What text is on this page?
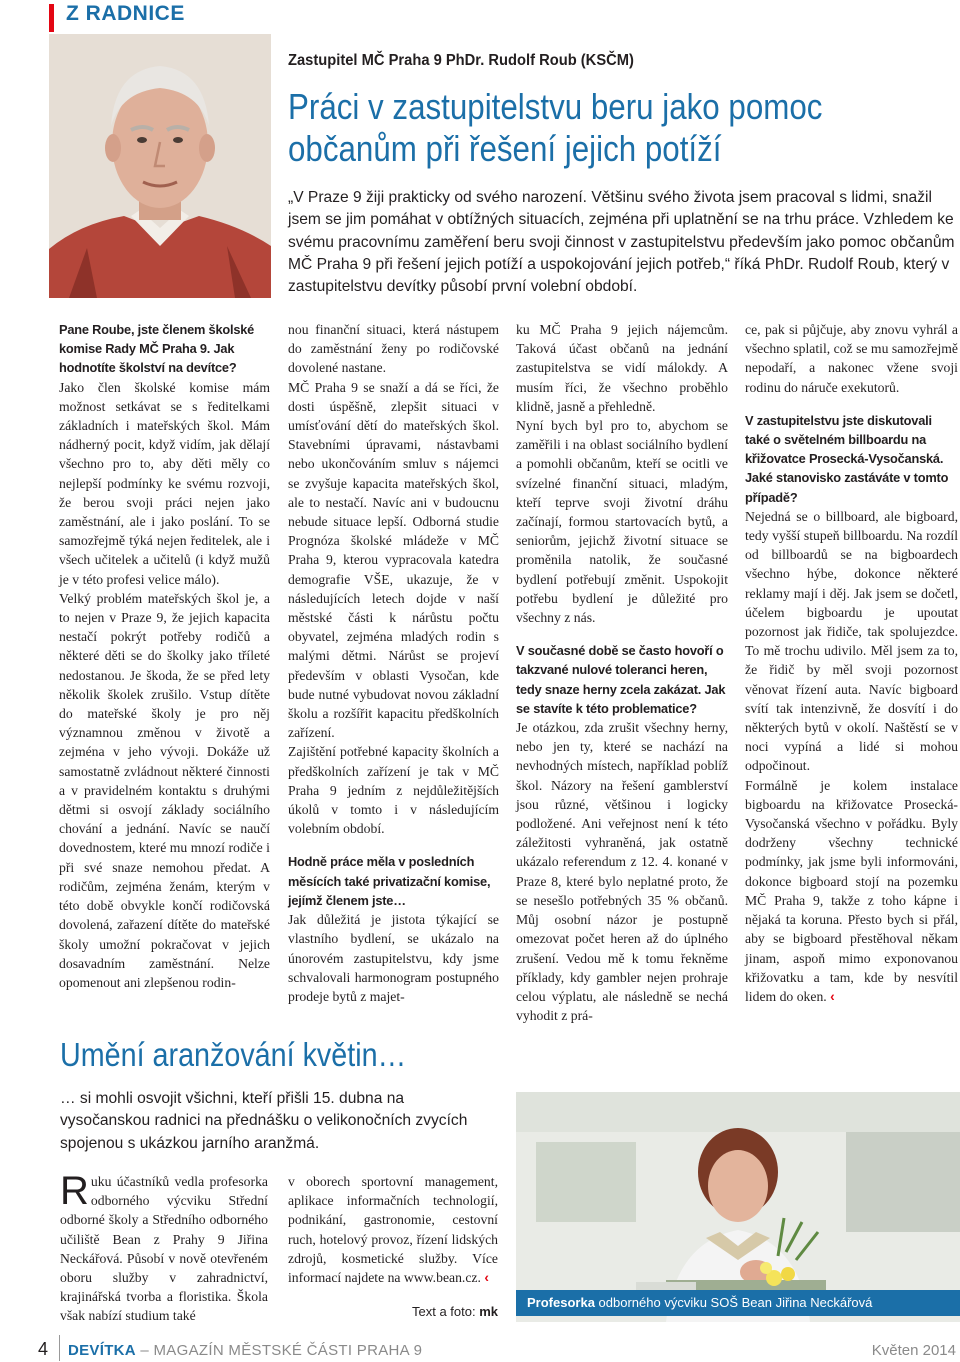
Z RADNICE
Zastupitel MČ Praha 9 PhDr. Rudolf Roub (KSČM)
Práci v zastupitelstvu beru jako pomoc
občanům při řešení jejich potíží
„V Praze 9 žiji prakticky od svého narození. Většinu svého života jsem pracoval s lidmi, snažil jsem se jim pomáhat v obtížných situacích, zejména při uplatnění se na trhu práce. Vzhledem ke svému pracovnímu zaměření beru svoji činnost v zastupitelstvu především jako pomoc občanům MČ Praha 9 při řešení jejich potíží a uspokojování jejich potřeb,“ říká PhDr. Rudolf Roub, který v zastupitelstvu devítky působí první volební období.

Pane Roube, jste členem školské komise Rady MČ Praha 9. Jak hodnotíte školství na devítce?

Jako člen školské komise mám možnost setkávat se s ředitelkami základních i mateřských škol. Mám nádherný pocit, když vidím, jak dělají všechno pro to, aby děti měly co nejlepší podmínky ke svému rozvoji, že berou svoji práci nejen jako zaměstnání, ale i jako poslání. To se samozřejmě týká nejen ředitelek, ale i všech učitelek a učitelů (i když mužů je v této profesi velice málo).

Velký problém mateřských škol je, a to nejen v Praze 9, že jejich kapacita nestačí pokrýt potřeby rodičů a některé děti se do školky jako tříleté nedostanou. Je škoda, že se před lety několik školek zrušilo. Vstup dítěte do mateřské školy je pro něj významnou změnou v životě a zejména v jeho vývoji. Dokáže už samostatně zvládnout některé činnosti a v pravidelném kontaktu s druhými dětmi si osvojí základy sociálního chování a jednání. Navíc se naučí dovednostem, které mu mnozí rodiče i při své snaze nemohou předat. A rodičům, zejména ženám, kterým v této době obvykle končí rodičovská dovolená, zařazení dítěte do mateřské školy umožní pokračovat v jejich dosavadním zaměstnání. Nelze opomenout ani zlepšenou rodin-

nou finanční situaci, která nástupem do zaměstnání ženy po rodičovské dovolené nastane.

MČ Praha 9 se snaží a dá se říci, že dosti úspěšně, zlepšit situaci v umísťování dětí do mateřských škol. Stavebními úpravami, nástavbami nebo ukončováním smluv s nájemci se zvyšuje kapacita mateřských škol, ale to nestačí. Navíc ani v budoucnu nebude situace lepší. Odborná studie Prognóza školské mládeže v MČ Praha 9, kterou vypracovala katedra demografie VŠE, ukazuje, že v následujících letech dojde v naší městské části k nárůstu počtu obyvatel, zejména mladých rodin s malými dětmi. Nárůst se projeví především v oblasti Vysočan, kde bude nutné vybudovat novou základní školu a rozšířit kapacitu předškolních zařízení.

Zajištění potřebné kapacity školních a předškolních zařízení je tak v MČ Praha 9 jedním z nejdůležitějších úkolů v tomto i v následujícím volebním období.

Hodně práce měla v posledních měsících také privatizační komise, jejímž členem jste…

Jak důležitá je jistota týkající se vlastního bydlení, se ukázalo na únorovém zastupitelstvu, kdy jsme schvalovali harmonogram postupného prodeje bytů z majet-

ku MČ Praha 9 jejich nájemcům. Taková účast občanů na jednání zastupitelstva se vidí málokdy. A musím říci, že všechno proběhlo klidně, jasně a přehledně.

Nyní bych byl pro to, abychom se zaměřili i na oblast sociálního bydlení a pomohli občanům, kteří se ocitli ve svízelné finanční situaci, mladým, kteří teprve svoji životní dráhu začínají, formou startovacích bytů, a seniorům, jejichž životní situace se proměnila natolik, že současné bydlení potřebují změnit. Uspokojit potřebu bydlení je důležité pro všechny z nás.

V současné době se často hovoří o takzvané nulové toleranci heren, tedy snaze herny zcela zakázat. Jak se stavíte k této problematice?

Je otázkou, zda zrušit všechny herny, nebo jen ty, které se nachází na nevhodných místech, například poblíž škol. Názory na řešení gamblerství jsou různé, většinou i logicky podložené. Ani veřejnost není k této záležitosti vyhraněná, jak ostatně ukázalo referendum z 12. 4. konané v Praze 8, které bylo neplatné proto, že se nesešlo potřebných 35 % občanů. Můj osobní názor je postupně omezovat počet heren až do úplného zrušení. Vedou mě k tomu řekněme příklady, kdy gambler nejen prohraje celou výplatu, ale následně se nechá vyhodit z prá-

ce, pak si půjčuje, aby znovu vyhrál a všechno splatil, což se mu samozřejmě nepodaří, a nakonec vžene svoji rodinu do náruče exekutorů.

V zastupitelstvu jste diskutovali také o světelném billboardu na křižovatce Prosecká-Vysočanská. Jaké stanovisko zastáváte v tomto případě?

Nejedná se o billboard, ale bigboard, tedy vyšší stupeň billboardu. Na rozdíl od billboardů se na bigboardech všechno hýbe, dokonce některé reklamy mají i děj. Jak jsem se dočetl, účelem bigboardu je upoutat pozornost jak řidiče, tak spolujezdce. To mě trochu udivilo. Měl jsem za to, že řidič by měl svoji pozornost věnovat řízení auta. Navíc bigboard svítí tak intenzivně, že dosvítí i do některých bytů v okolí. Naštěstí se v noci vypíná a lidé si mohou odpočinout.

Formálně je kolem instalace bigboardu na křižovatce Prosecká-Vysočanská všechno v pořádku. Byly dodrženy všechny technické podmínky, jak jsme byli informováni, dokonce bigboard stojí na pozemku MČ Praha 9, takže z toho kápne i nějaká ta koruna. Přesto bych si přál, aby se bigboard přestěhoval někam jinam, aspoň mimo exponovanou křižovatku a tam, kde by nesvítil lidem do oken. ‹

Umění aranžování květin…
… si mohli osvojit všichni, kteří přišli 15. dubna na vysočanskou radnici na přednášku o velikonočních zvycích spojenou s ukázkou jarního aranžmá.

Ruku účastníků vedla profesorka odborného výcviku Střední odborné školy a Středního odborného učiliště Bean z Prahy 9 Jiřina Neckářová. Působí v nově otevřeném oboru služby v zahradnictví, krajinářská tvorba a floristika. Škola však nabízí studium také

v oborech sportovní management, aplikace informačních technologií, podnikání, gastronomie, cestovní ruch, hotelový provoz, řízení lidských zdrojů, kosmetické služby. Více informací najdete na www.bean.cz. ‹

Text a foto: mk
Profesorka odborného výcviku SOŠ Bean Jiřina Neckářová
4 DEVÍTKA – MAGAZÍN MĚSTSKÉ ČÁSTI PRAHA 9	Květen 2014
